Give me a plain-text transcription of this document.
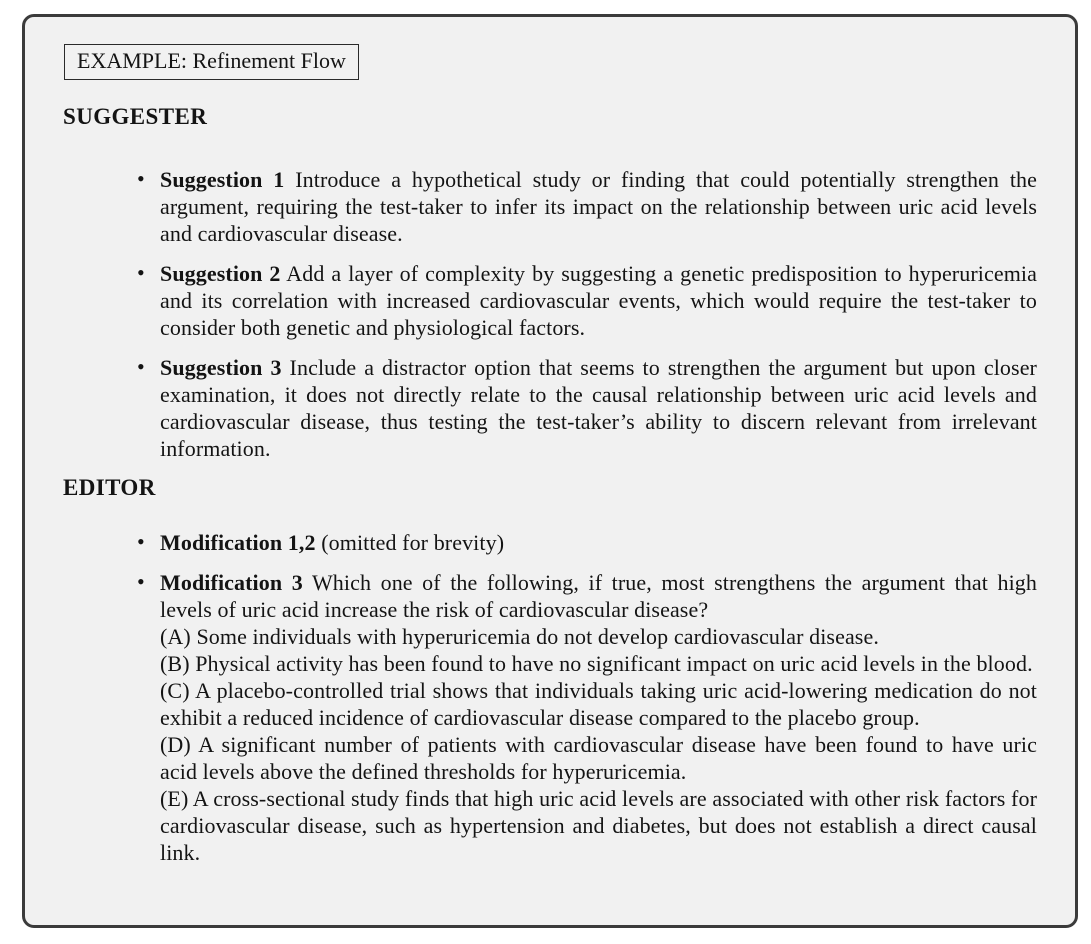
EXAMPLE: Refinement Flow
SUGGESTER
• Suggestion 1 Introduce a hypothetical study or finding that could potentially strengthen the argument, requiring the test-taker to infer its impact on the relationship between uric acid levels and cardiovascular disease.
• Suggestion 2 Add a layer of complexity by suggesting a genetic predisposition to hyperuricemia and its correlation with increased cardiovascular events, which would require the test-taker to consider both genetic and physiological factors.
• Suggestion 3 Include a distractor option that seems to strengthen the argument but upon closer examination, it does not directly relate to the causal relationship between uric acid levels and cardiovascular disease, thus testing the test-taker’s ability to discern relevant from irrelevant information.
EDITOR
• Modification 1,2 (omitted for brevity)
• Modification 3 Which one of the following, if true, most strengthens the argument that high levels of uric acid increase the risk of cardiovascular disease?
(A) Some individuals with hyperuricemia do not develop cardiovascular disease.
(B) Physical activity has been found to have no significant impact on uric acid levels in the blood.
(C) A placebo-controlled trial shows that individuals taking uric acid-lowering medication do not exhibit a reduced incidence of cardiovascular disease compared to the placebo group.
(D) A significant number of patients with cardiovascular disease have been found to have uric acid levels above the defined thresholds for hyperuricemia.
(E) A cross-sectional study finds that high uric acid levels are associated with other risk factors for cardiovascular disease, such as hypertension and diabetes, but does not establish a direct causal link.
